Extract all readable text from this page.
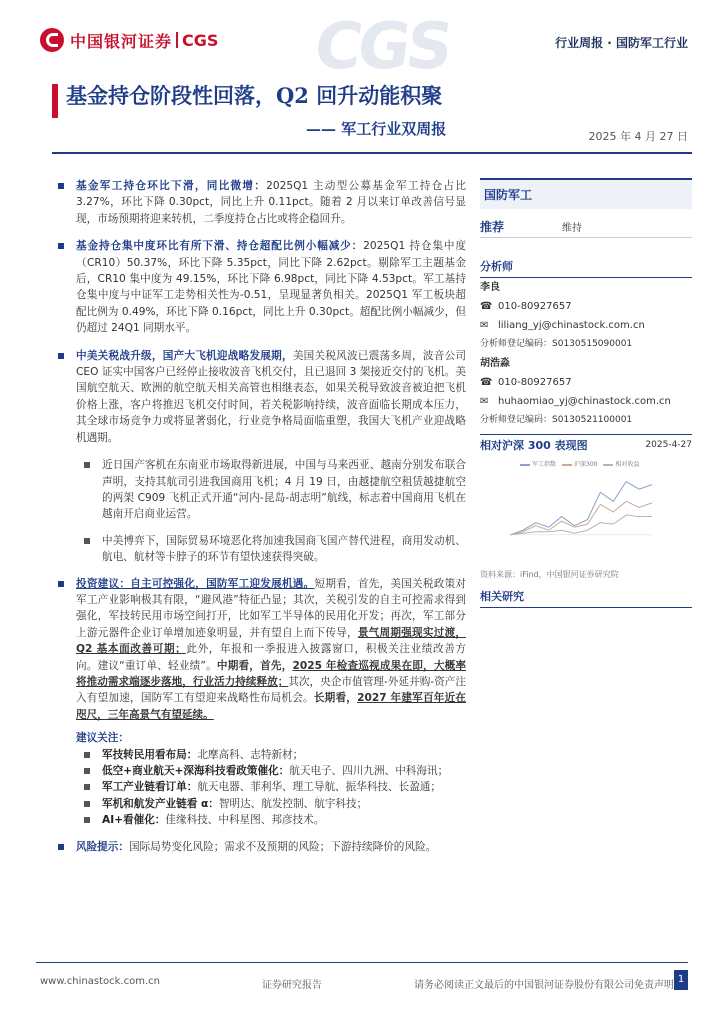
中国银河证券 CGS CGS	行业周报 · 国防军工行业
基金持仓阶段性回落，Q2 回升动能积聚
—— 军工行业双周报	2025 年 4 月 27 日
基金军工持仓环比下滑，同比微增：2025Q1 主动型公募基金军工持仓占比 3.27%，环比下降 0.30pct，同比上升 0.11pct。随着 2 月以来订单改善信号显现，市场预期将迎来转机，二季度持仓占比或将企稳回升。
基金持仓集中度环比有所下滑、持仓超配比例小幅减少：2025Q1 持仓集中度（CR10）50.37%，环比下降 5.35pct，同比下降 2.62pct。剔除军工主题基金后，CR10 集中度为 49.15%，环比下降 6.98pct，同比下降 4.53pct。军工基持仓集中度与中证军工走势相关性为-0.51，呈现显著负相关。2025Q1 军工板块超配比例为 0.49%，环比下降 0.16pct，同比上升 0.30pct。超配比例小幅减少，但仍超过 24Q1 同期水平。
中美关税战升级，国产大飞机迎战略发展期，美国关税风波已震荡多周，波音公司 CEO 证实中国客户已经停止接收波音飞机交付，且已退回 3 架接近交付的飞机。美国航空航天、欧洲的航空航天相关高管也相继表态，如果关税导致波音被迫把飞机价格上涨，客户将推迟飞机交付时间，若关税影响持续，波音面临长期成本压力，其全球市场竞争力或将显著弱化，行业竞争格局面临重塑，我国大飞机产业迎战略机遇期。
近日国产客机在东南亚市场取得新进展，中国与马来西亚、越南分别发布联合声明，支持其航司引进我国商用飞机；4 月 19 日，由越捷航空租赁越捷航空的两架 C909 飞机正式开通“河内-昆岛-胡志明”航线，标志着中国商用飞机在越南开启商业运营。
中美博弈下，国际贸易环境恶化将加速我国商飞国产替代进程，商用发动机、航电、航材等卡脖子的环节有望快速获得突破。
投资建议：自主可控强化，国防军工迎发展机遇。短期看，首先，美国关税政策对军工产业影响极其有限，“避风港”特征凸显；其次，关税引发的自主可控需求得到强化，军技转民用市场空间打开，比如军工半导体的民用化开发；再次，军工部分上游元器件企业订单增加迹象明显，并有望自上而下传导，景气周期强现实过渡，Q2 基本面改善可期；此外，年报和一季报进入披露窗口，积极关注业绩改善方向。建议“重订单、轻业绩”。中期看，首先，2025 年检查巡视成果在即，大概率将推动需求端逐步落地，行业活力持续释放；其次，央企市值管理-外延并购-资产注入有望加速，国防军工有望迎来战略性布局机会。长期看，2027 年建军百年近在咫尺，三年高景气有望延续。
建议关注：
军技转民用看布局：北摩高科、志特新材；
低空+商业航天+深海科技看政策催化：航天电子、四川九洲、中科海讯；
军工产业链看订单：航天电器、菲利华、理工导航、振华科技、长盈通；
军机和航发产业链看 α：智明达、航发控制、航宇科技；
AI+看催化：佳缘科技、中科星图、邦彦技术。
风险提示：国际局势变化风险；需求不及预期的风险；下游持续降价的风险。
国防军工
推荐	维持
分析师
李良
☎ 010-80927657
✉ liliang_yj@chinastock.com.cn
分析师登记编码：S0130515090001
胡浩淼
☎ 010-80927657
✉ huhaomiao_yj@chinastock.com.cn
分析师登记编码：S0130521100001
相对沪深 300 表现图	2025-4-27
军工指数	沪深300	相对收益
资料来源：iFind，中国银河证券研究院
相关研究
www.chinastock.com.cn	证券研究报告	请务必阅读正文最后的中国银河证券股份有限公司免责声明
1
